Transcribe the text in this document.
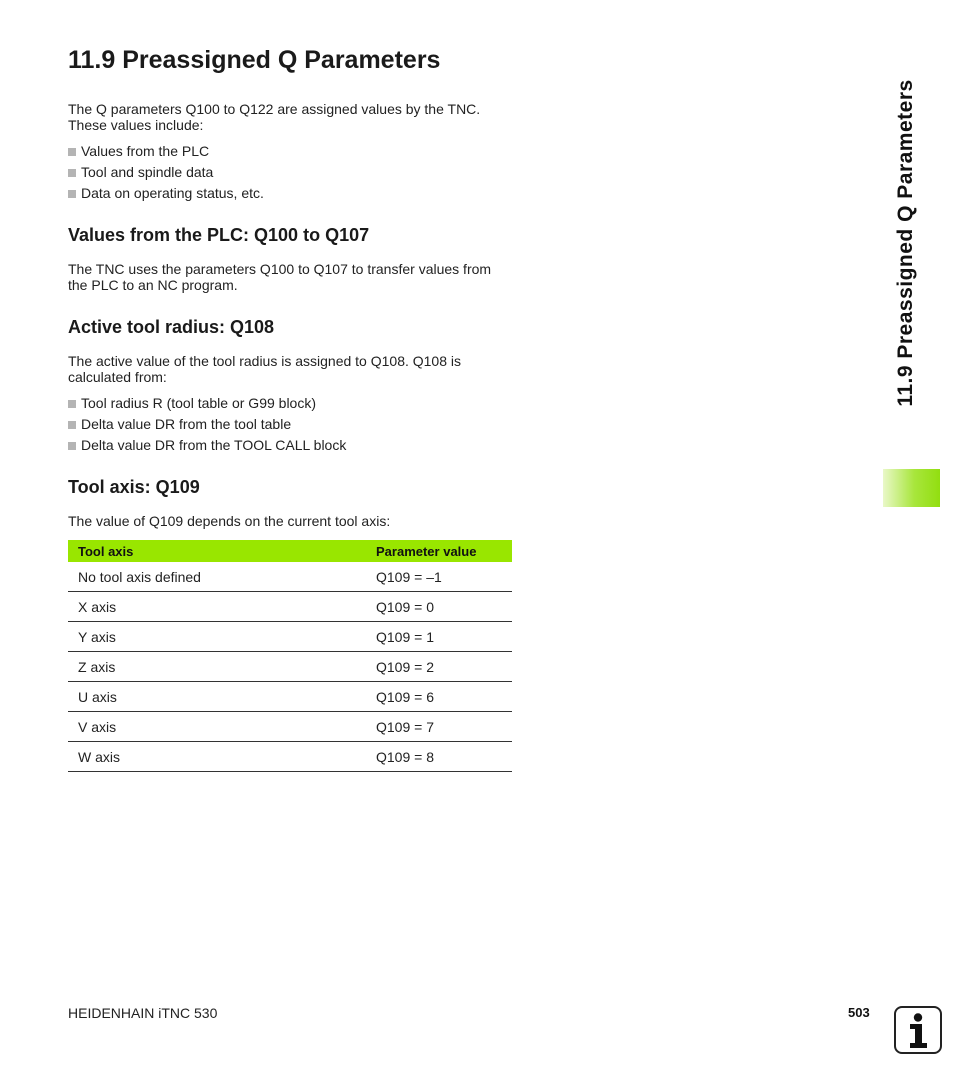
11.9 Preassigned Q Parameters

The Q parameters Q100 to Q122 are assigned values by the TNC. These values include:

Values from the PLC
Tool and spindle data
Data on operating status, etc.
Values from the PLC: Q100 to Q107

The TNC uses the parameters Q100 to Q107 to transfer values from the PLC to an NC program.

Active tool radius: Q108

The active value of the tool radius is assigned to Q108. Q108 is calculated from:

Tool radius R (tool table or G99 block)
Delta value DR from the tool table
Delta value DR from the TOOL CALL block
Tool axis: Q109

The value of Q109 depends on the current tool axis:

Tool axis	Parameter value
No tool axis defined	Q109 = –1
X axis	Q109 = 0
Y axis	Q109 = 1
Z axis	Q109 = 2
U axis	Q109 = 6
V axis	Q109 = 7
W axis	Q109 = 8
11.9 Preassigned Q Parameters
HEIDENHAIN iTNC 530	503
